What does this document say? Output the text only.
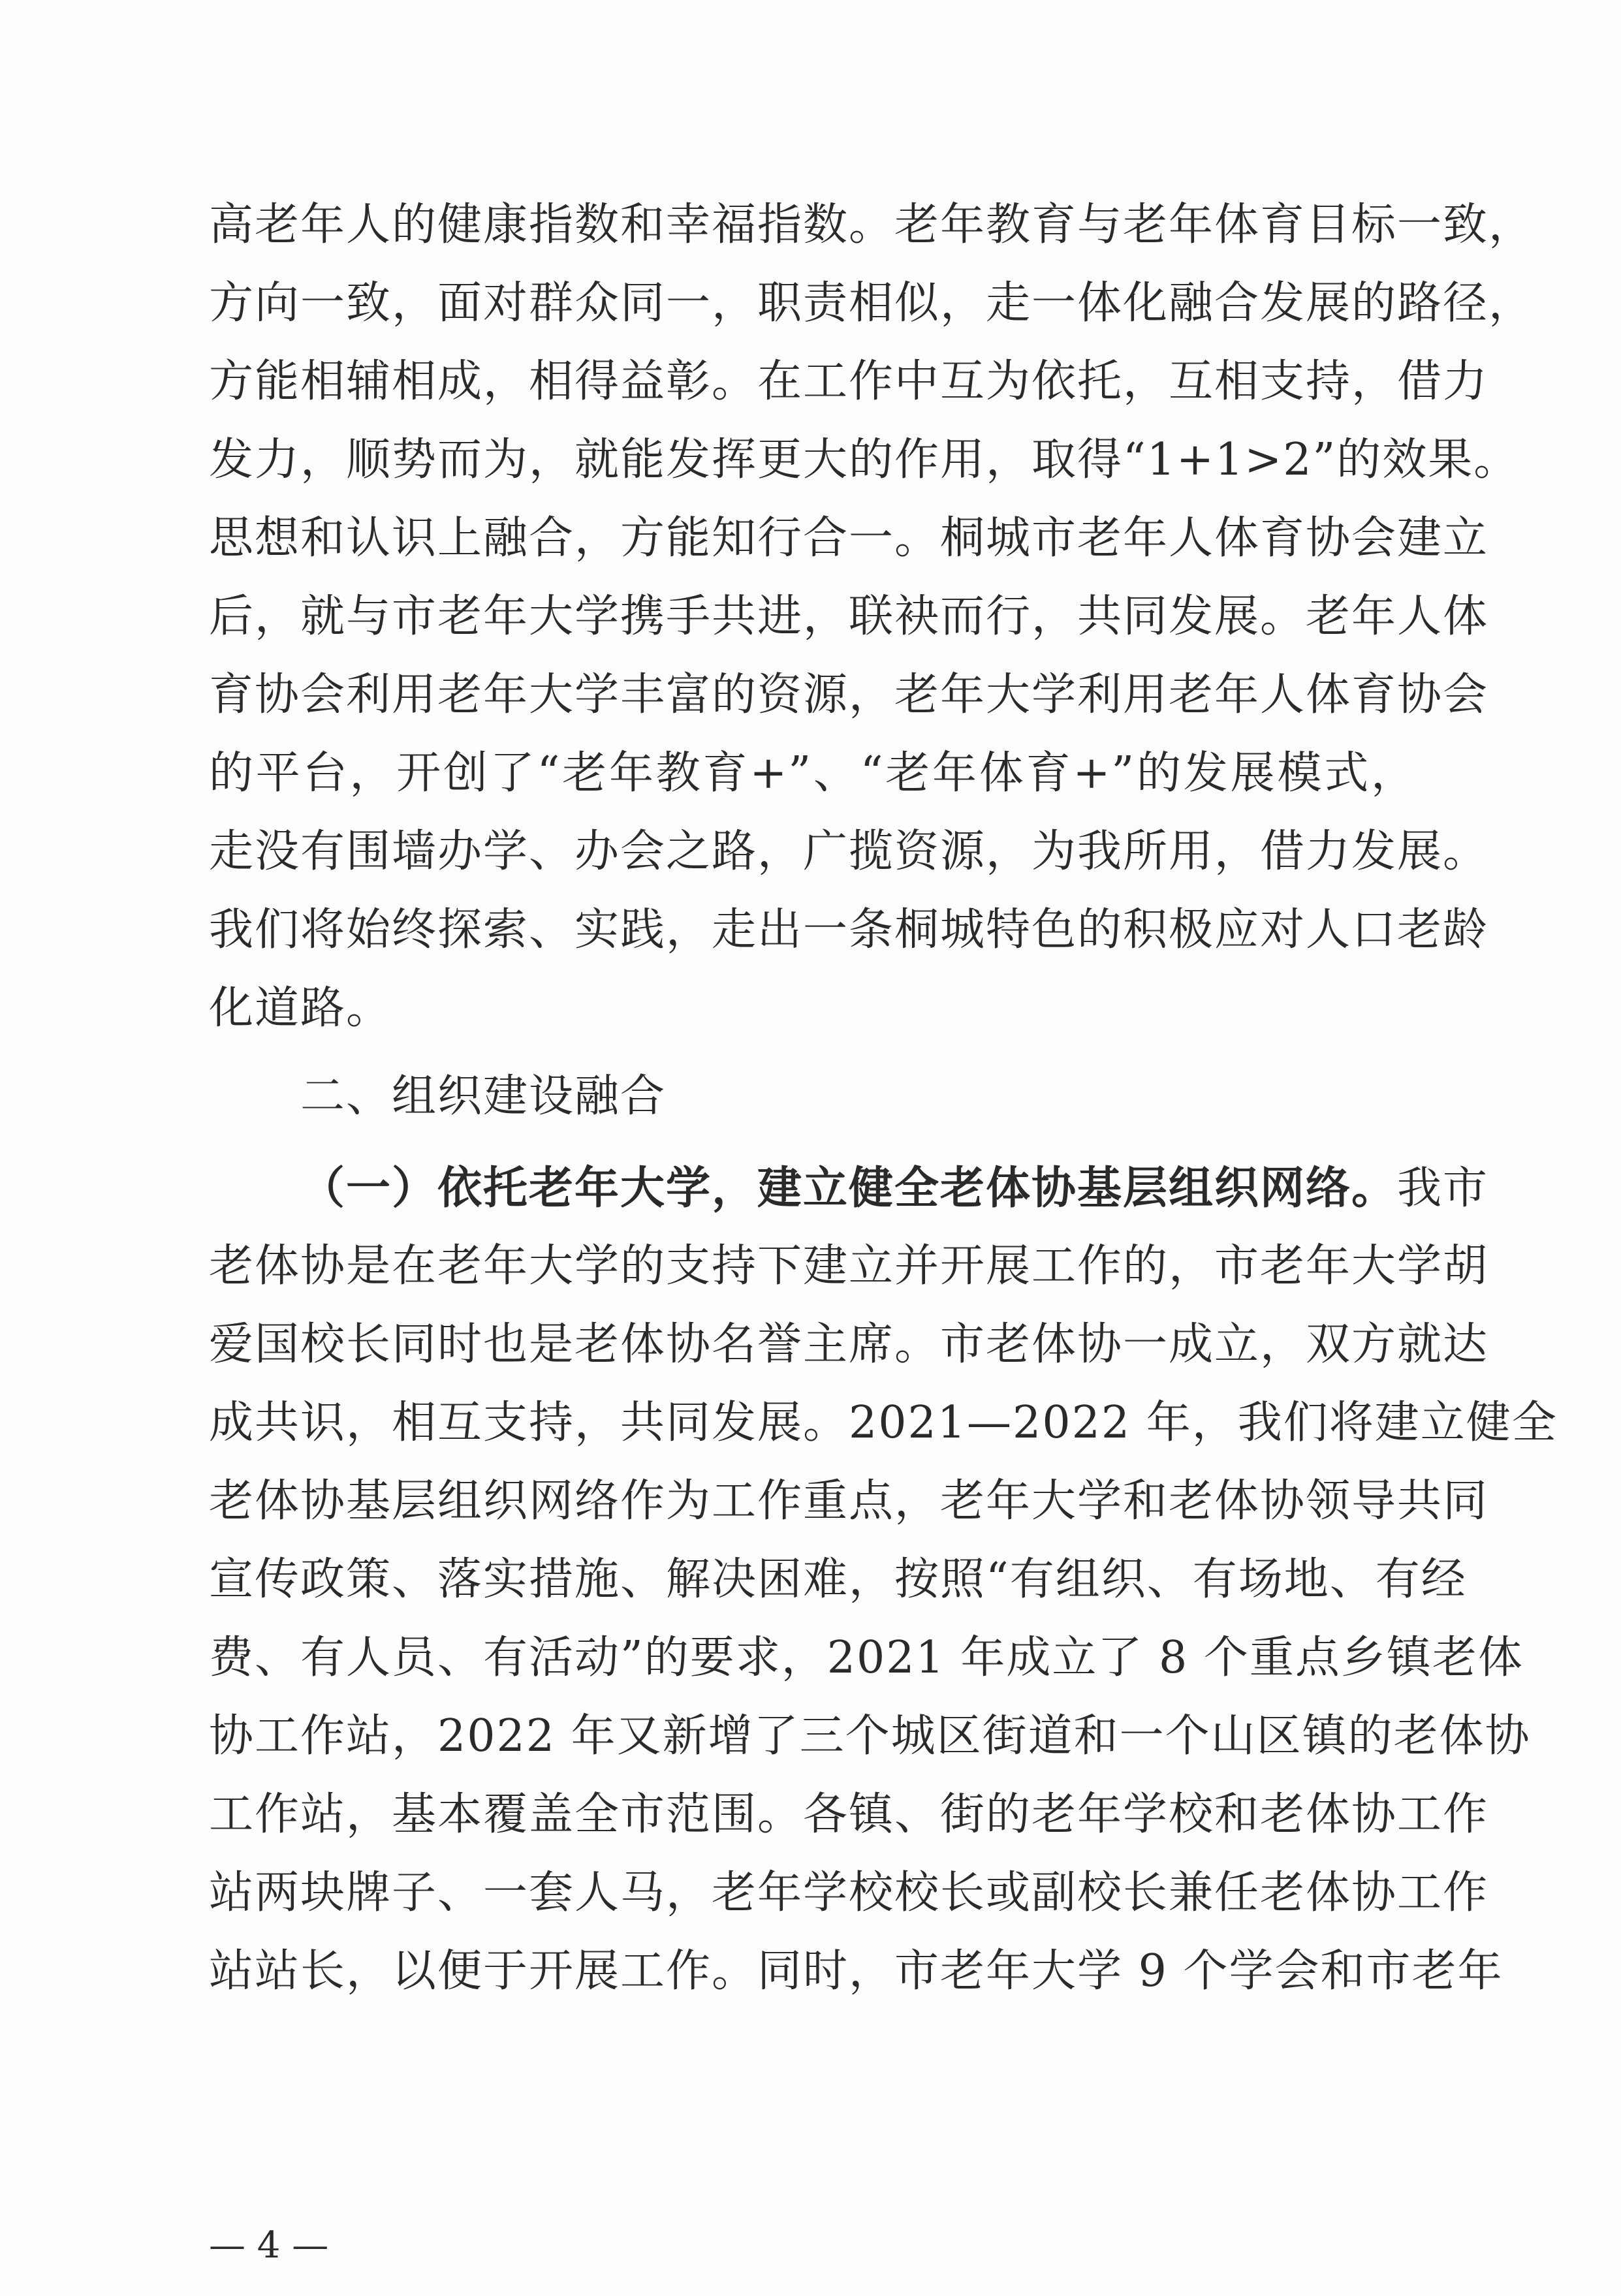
高老年人的健康指数和幸福指数。老年教育与老年体育目标一致，
方向一致，面对群众同一，职责相似，走一体化融合发展的路径，
方能相辅相成，相得益彰。在工作中互为依托，互相支持，借力
发力，顺势而为，就能发挥更大的作用，取得“1+1>2”的效果。
思想和认识上融合，方能知行合一。桐城市老年人体育协会建立
后，就与市老年大学携手共进，联袂而行，共同发展。老年人体
育协会利用老年大学丰富的资源，老年大学利用老年人体育协会
的平台，开创了“老年教育+”、“老年体育+”的发展模式，
走没有围墙办学、办会之路，广揽资源，为我所用，借力发展。
我们将始终探索、实践，走出一条桐城特色的积极应对人口老龄
化道路。
二、组织建设融合
（一）依托老年大学，建立健全老体协基层组织网络。我市
老体协是在老年大学的支持下建立并开展工作的，市老年大学胡
爱国校长同时也是老体协名誉主席。市老体协一成立，双方就达
成共识，相互支持，共同发展。2021—2022 年，我们将建立健全
老体协基层组织网络作为工作重点，老年大学和老体协领导共同
宣传政策、落实措施、解决困难，按照“有组织、有场地、有经
费、有人员、有活动”的要求，2021 年成立了 8 个重点乡镇老体
协工作站，2022 年又新增了三个城区街道和一个山区镇的老体协
工作站，基本覆盖全市范围。各镇、街的老年学校和老体协工作
站两块牌子、一套人马，老年学校校长或副校长兼任老体协工作
站站长，以便于开展工作。同时，市老年大学 9 个学会和市老年
— 4 —
